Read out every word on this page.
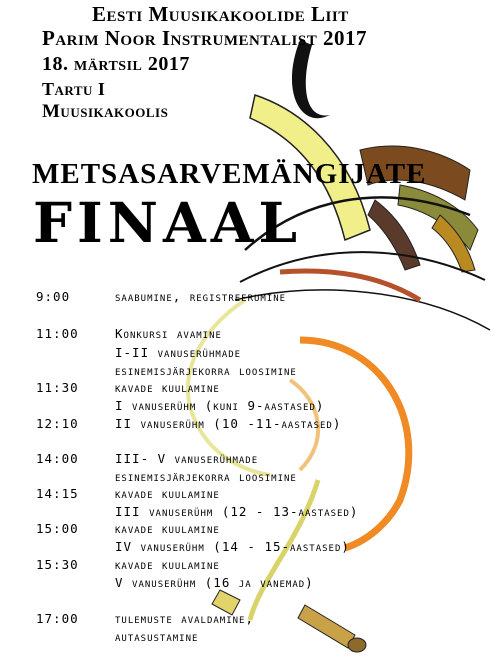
Eesti Muusikakoolide Liit
Parim Noor Instrumentalist 2017
18. märtsil 2017
Tartu I
Muusikakoolis
METSASARVEMÄNGIJATE
FINAAL
9:00	saabumine, registreerumine
11:00	Konkursi avamine
I-II vanuserühmade
esinemisjärjekorra loosimine
11:30	kavade kuulamine
I vanuserühm (kuni 9-aastased)
12:10	II vanuserühm (10 -11-aastased)
14:00	III- V vanuserühmade
esinemisjärjekorra loosimine
14:15	kavade kuulamine
III vanuserühm (12 - 13-aastased)
15:00	kavade kuulamine
IV vanuserühm (14 - 15-aastased)
15:30	kavade kuulamine
V vanuserühm (16 ja vanemad)
17:00	tulemuste avaldamine,
autasustamine
